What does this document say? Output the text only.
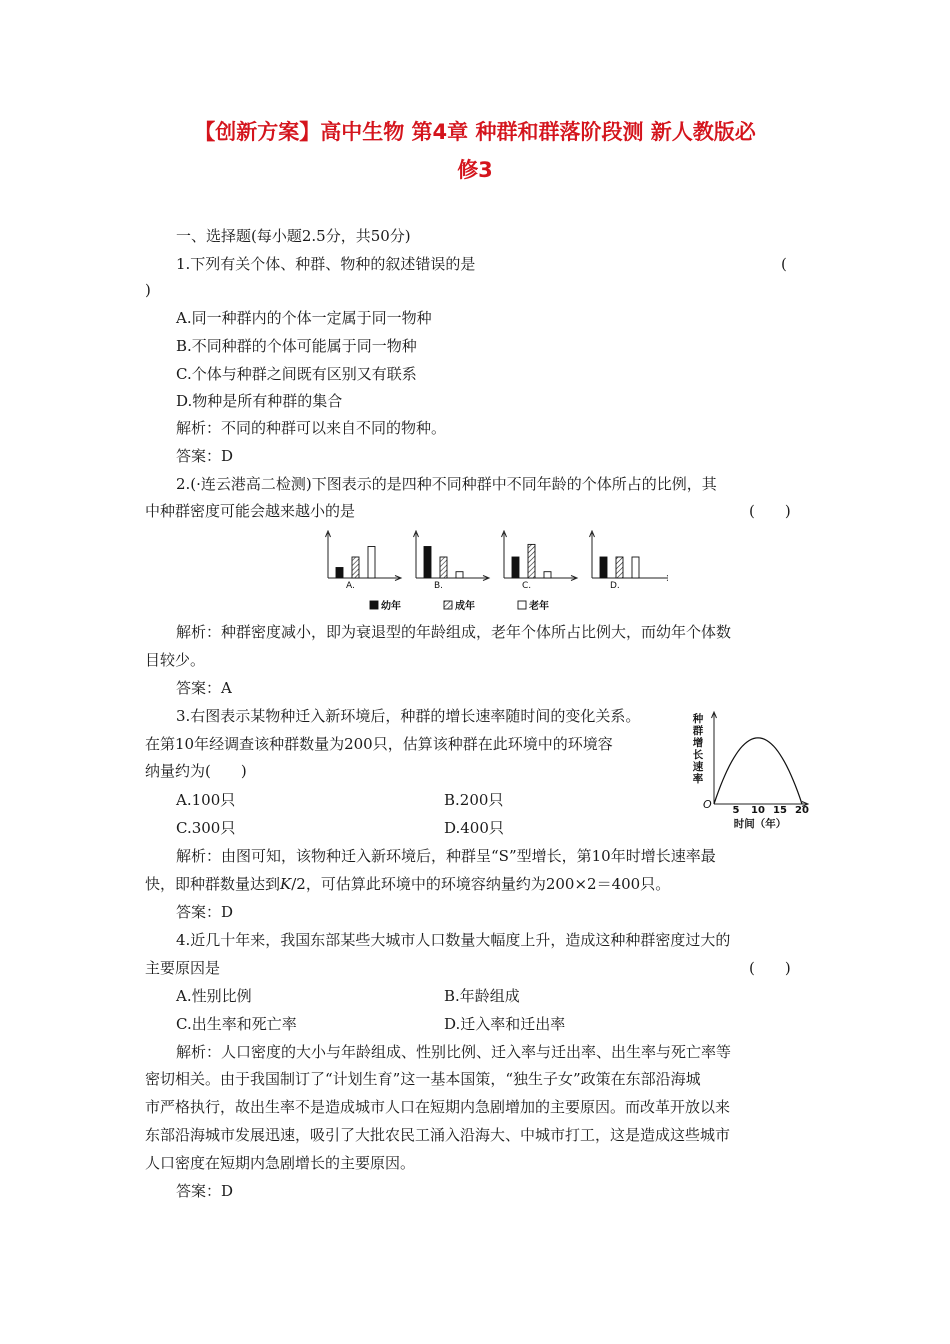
【创新方案】高中生物 第4章 种群和群落阶段测 新人教版必
修3
一、选择题(每小题2.5分，共50分)
1.下列有关个体、种群、物种的叙述错误的是	(
)
A.同一种群内的个体一定属于同一物种
B.不同种群的个体可能属于同一物种
C.个体与种群之间既有区别又有联系
D.物种是所有种群的集合
解析：不同的种群可以来自不同的物种。
答案：D
2.(·连云港高二检测)下图表示的是四种不同种群中不同年龄的个体所占的比例，其
中种群密度可能会越来越小的是	(　　)
A.	B.	C.	D.
幼年	成年	老年
解析：种群密度减小，即为衰退型的年龄组成，老年个体所占比例大，而幼年个体数
目较少。
答案：A
3.右图表示某物种迁入新环境后，种群的增长速率随时间的变化关系。
在第10年经调查该种群数量为200只，估算该种群在此环境中的环境容
纳量约为(　　)
A.100只	B.200只
C.300只	D.400只
种
群
增
长
速
率
O 5 10 15 20
时间（年）
解析：由图可知，该物种迁入新环境后，种群呈“S”型增长，第10年时增长速率最
快，即种群数量达到K/2，可估算此环境中的环境容纳量约为200×2＝400只。
答案：D
4.近几十年来，我国东部某些大城市人口数量大幅度上升，造成这种种群密度过大的
主要原因是	(　　)
A.性别比例	B.年龄组成
C.出生率和死亡率	D.迁入率和迁出率
解析：人口密度的大小与年龄组成、性别比例、迁入率与迁出率、出生率与死亡率等
密切相关。由于我国制订了“计划生育”这一基本国策，“独生子女”政策在东部沿海城
市严格执行，故出生率不是造成城市人口在短期内急剧增加的主要原因。而改革开放以来
东部沿海城市发展迅速，吸引了大批农民工涌入沿海大、中城市打工，这是造成这些城市
人口密度在短期内急剧增长的主要原因。
答案：D
